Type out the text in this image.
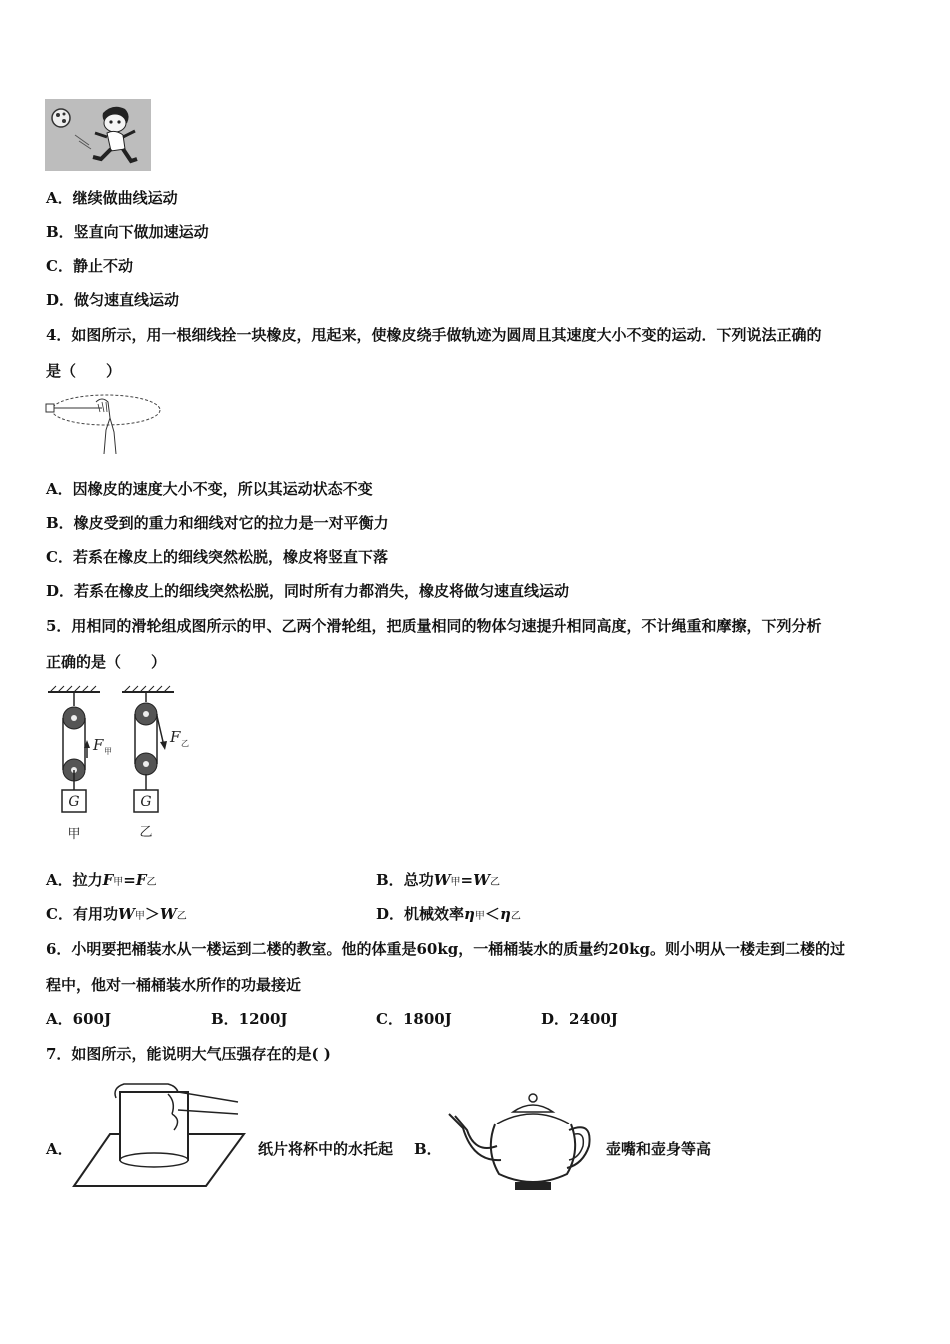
A．继续做曲线运动
B．竖直向下做加速运动
C．静止不动
D．做匀速直线运动
4．如图所示，用一根细线拴一块橡皮，甩起来，使橡皮绕手做轨迹为圆周且其速度大小不变的运动．下列说法正确的
是（　　）
A．因橡皮的速度大小不变，所以其运动状态不变
B．橡皮受到的重力和细线对它的拉力是一对平衡力
C．若系在橡皮上的细线突然松脱，橡皮将竖直下落
D．若系在橡皮上的细线突然松脱，同时所有力都消失，橡皮将做匀速直线运动
5．用相同的滑轮组成图所示的甲、乙两个滑轮组，把质量相同的物体匀速提升相同高度，不计绳重和摩擦，下列分析
正确的是（　　）
G	G
F 甲
F 乙
甲	乙
A．拉力F甲=F乙	B．总功W甲=W乙
C．有用功W甲＞W乙	D．机械效率η甲＜η乙
6．小明要把桶装水从一楼运到二楼的教室。他的体重是60kg，一桶桶装水的质量约20kg。则小明从一楼走到二楼的过
程中，他对一桶桶装水所作的功最接近
A．600J	B．1200J	C．1800J	D．2400J
7．如图所示，能说明大气压强存在的是( )
A．	纸片将杯中的水托起 B．	壶嘴和壶身等高
